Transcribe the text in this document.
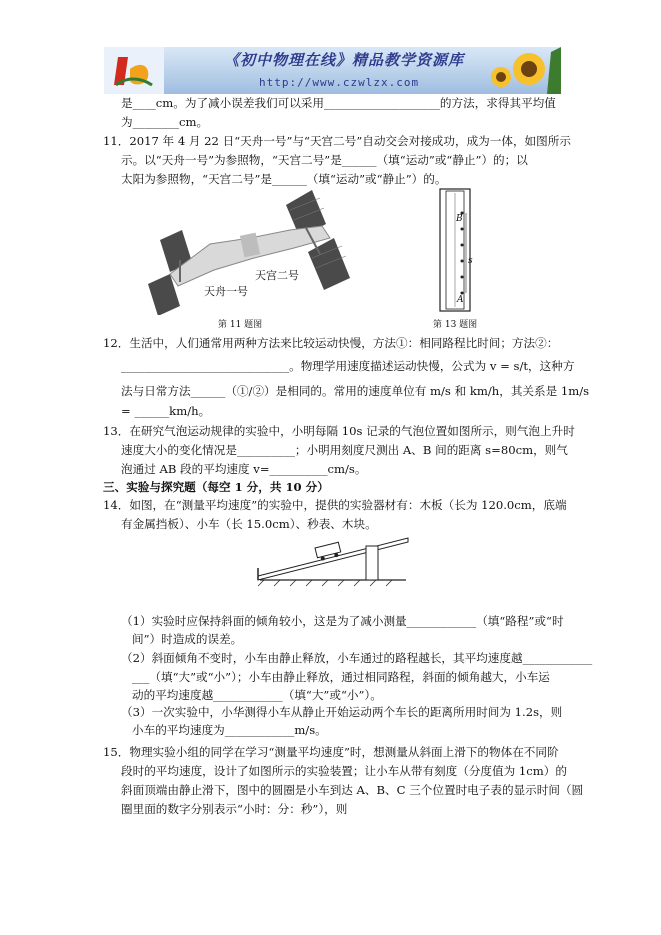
《初中物理在线》精品教学资源库
http://www.czwlzx.com
是____cm。为了减小误差我们可以采用____________________的方法，求得其平均值
为________cm。
11．2017 年 4 月 22 日“天舟一号”与“天宫二号”自动交会对接成功，成为一体，如图所示
示。以“天舟一号”为参照物，“天宫二号”是______（填“运动”或“静止”）的；以
太阳为参照物，“天宫二号”是______（填“运动”或“静止”）的。
天宫二号
天舟一号
第 11 题图
B
A
s
第 13 题图
12．生活中，人们通常用两种方法来比较运动快慢，方法①：相同路程比时间；方法②：
_____________________________。物理学用速度描述运动快慢，公式为 v = s/t，这种方
法与日常方法______（①/②）是相同的。常用的速度单位有 m/s 和 km/h，其关系是 1m/s
= ______km/h。
13．在研究气泡运动规律的实验中，小明每隔 10s 记录的气泡位置如图所示，则气泡上升时
速度大小的变化情况是__________；小明用刻度尺测出 A、B 间的距离 s=80cm，则气
泡通过 AB 段的平均速度 v=__________cm/s。
三、实验与探究题（每空 1 分，共 10 分）
14．如图，在“测量平均速度”的实验中，提供的实验器材有：木板（长为 120.0cm，底端
有金属挡板）、小车（长 15.0cm）、秒表、木块。
（1）实验时应保持斜面的倾角较小，这是为了减小测量____________（填“路程”或“时
间”）时造成的误差。
（2）斜面倾角不变时，小车由静止释放，小车通过的路程越长，其平均速度越____________
___（填“大”或“小”）；小车由静止释放，通过相同路程，斜面的倾角越大，小车运
动的平均速度越____________（填“大”或“小”）。
（3）一次实验中，小华测得小车从静止开始运动两个车长的距离所用时间为 1.2s，则
小车的平均速度为____________m/s。
15．物理实验小组的同学在学习“测量平均速度”时，想测量从斜面上滑下的物体在不同阶
段时的平均速度，设计了如图所示的实验装置；让小车从带有刻度（分度值为 1cm）的
斜面顶端由静止滑下，图中的圆圈是小车到达 A、B、C 三个位置时电子表的显示时间（圆
圈里面的数字分别表示“小时：分：秒”），则
